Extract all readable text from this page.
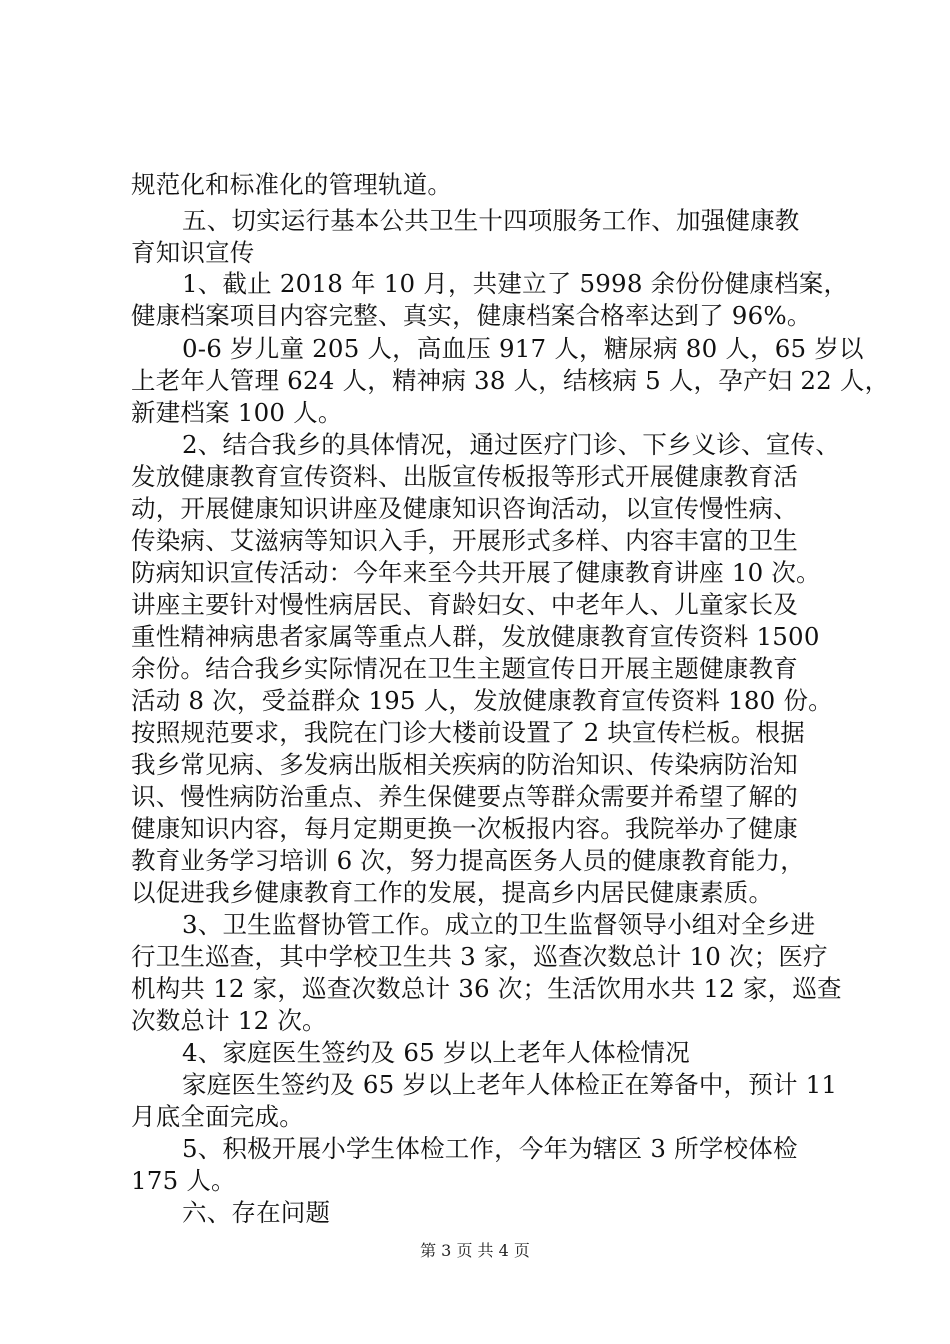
规范化和标准化的管理轨道。
五、切实运行基本公共卫生十四项服务工作、加强健康教
育知识宣传
1、截止 2018 年 10 月，共建立了 5998 余份份健康档案，
健康档案项目内容完整、真实，健康档案合格率达到了 96%。
0-6 岁儿童 205 人，高血压 917 人，糖尿病 80 人，65 岁以
上老年人管理 624 人，精神病 38 人，结核病 5 人，孕产妇 22 人，
新建档案 100 人。
2、结合我乡的具体情况，通过医疗门诊、下乡义诊、宣传、
发放健康教育宣传资料、出版宣传板报等形式开展健康教育活
动，开展健康知识讲座及健康知识咨询活动，以宣传慢性病、
传染病、艾滋病等知识入手，开展形式多样、内容丰富的卫生
防病知识宣传活动：今年来至今共开展了健康教育讲座 10 次。
讲座主要针对慢性病居民、育龄妇女、中老年人、儿童家长及
重性精神病患者家属等重点人群，发放健康教育宣传资料 1500
余份。结合我乡实际情况在卫生主题宣传日开展主题健康教育
活动 8 次，受益群众 195 人，发放健康教育宣传资料 180 份。
按照规范要求，我院在门诊大楼前设置了 2 块宣传栏板。根据
我乡常见病、多发病出版相关疾病的防治知识、传染病防治知
识、慢性病防治重点、养生保健要点等群众需要并希望了解的
健康知识内容，每月定期更换一次板报内容。我院举办了健康
教育业务学习培训 6 次，努力提高医务人员的健康教育能力，
以促进我乡健康教育工作的发展，提高乡内居民健康素质。
3、卫生监督协管工作。成立的卫生监督领导小组对全乡进
行卫生巡查，其中学校卫生共 3 家，巡查次数总计 10 次；医疗
机构共 12 家，巡查次数总计 36 次；生活饮用水共 12 家，巡查
次数总计 12 次。
4、家庭医生签约及 65 岁以上老年人体检情况
家庭医生签约及 65 岁以上老年人体检正在筹备中，预计 11
月底全面完成。
5、积极开展小学生体检工作，今年为辖区 3 所学校体检
175 人。
六、存在问题
第 3 页 共 4 页
